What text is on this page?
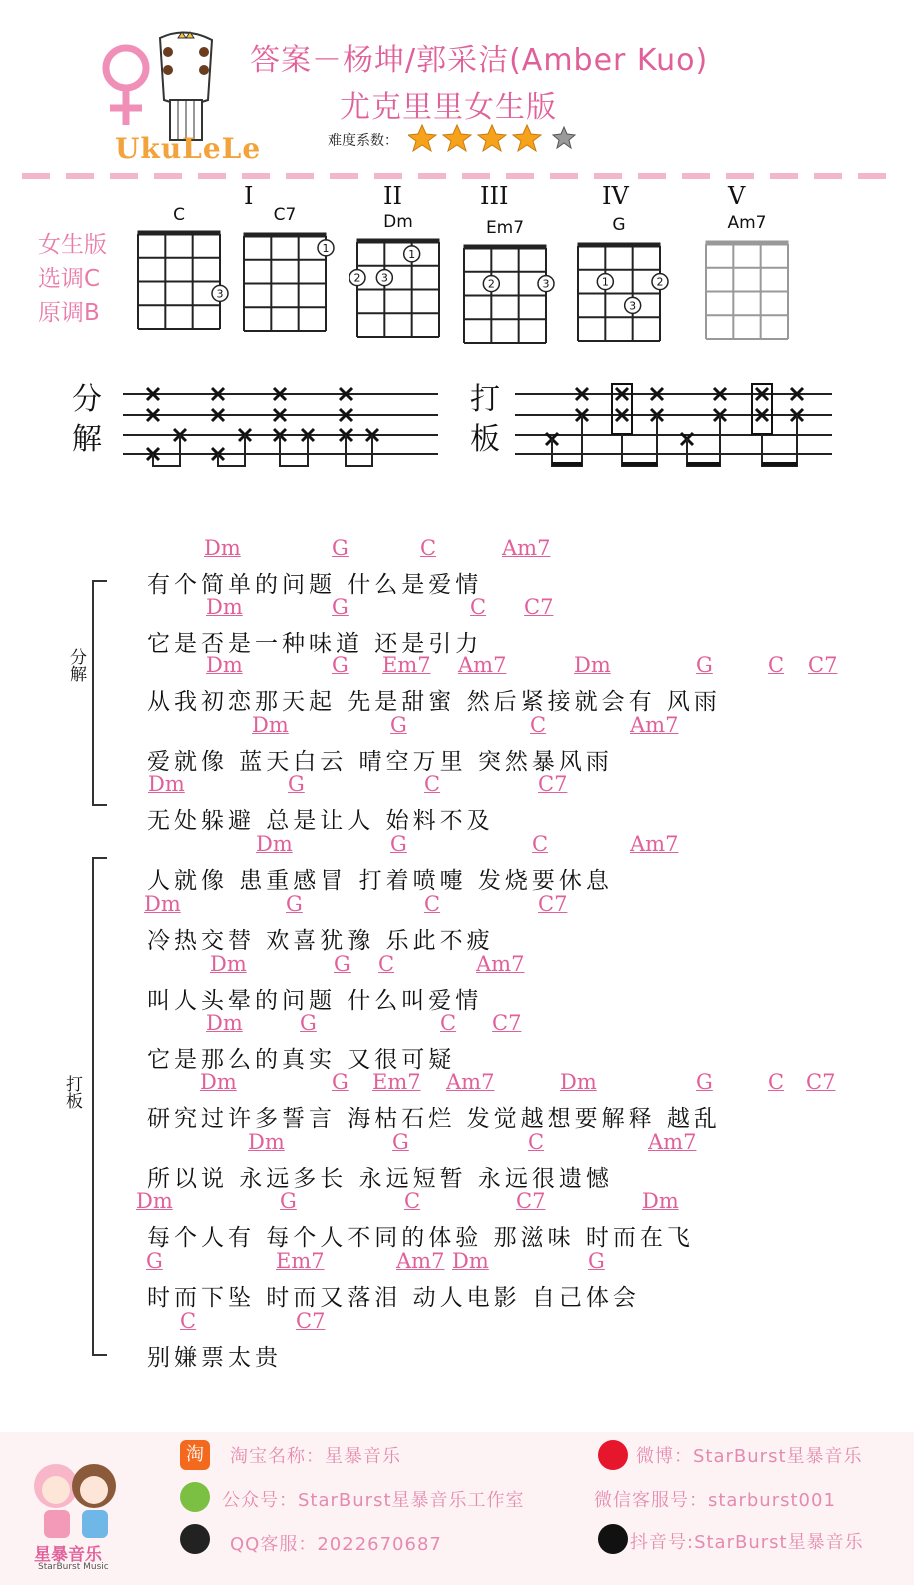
UkuLeLe
答案－杨坤/郭采洁(Amber Kuo)
尤克里里女生版
难度系数：
女生版
选调C
原调B
C
3
I
C7
1
II
Dm
1
2 3
III
Em7
2	3
IV
G
1	2
3
V
Am7
分
解
打
板
分解
打板
Dm	G	C	Am7
有个简单的问题 什么是爱情
Dm	G	C C7
它是否是一种味道 还是引力
Dm	G Em7 Am7	Dm	G	C C7
从我初恋那天起 先是甜蜜 然后紧接就会有 风雨
Dm	G	C	Am7
爱就像 蓝天白云 晴空万里 突然暴风雨
Dm	G	C	C7
无处躲避 总是让人 始料不及
Dm	G	C	Am7
人就像 患重感冒 打着喷嚏 发烧要休息
Dm	G	C	C7
冷热交替 欢喜犹豫 乐此不疲
Dm	G C	Am7
叫人头晕的问题 什么叫爱情
Dm	G	C C7
它是那么的真实 又很可疑
Dm	G Em7 Am7	Dm	G	C C7
研究过许多誓言 海枯石烂 发觉越想要解释 越乱
Dm	G	C	Am7
所以说 永远多长 永远短暂 永远很遗憾
Dm	G	C	C7	Dm
每个人有 每个人不同的体验 那滋味 时而在飞
G	Em7	Am7 Dm	G
时而下坠 时而又落泪 动人电影 自己体会
C	C7
别嫌票太贵
星暴音乐
StarBurst Music
淘	淘宝名称：星暴音乐
公众号：StarBurst星暴音乐工作室
QQ客服：2022670687
微博：StarBurst星暴音乐
微信客服号：starburst001
抖音号:StarBurst星暴音乐
